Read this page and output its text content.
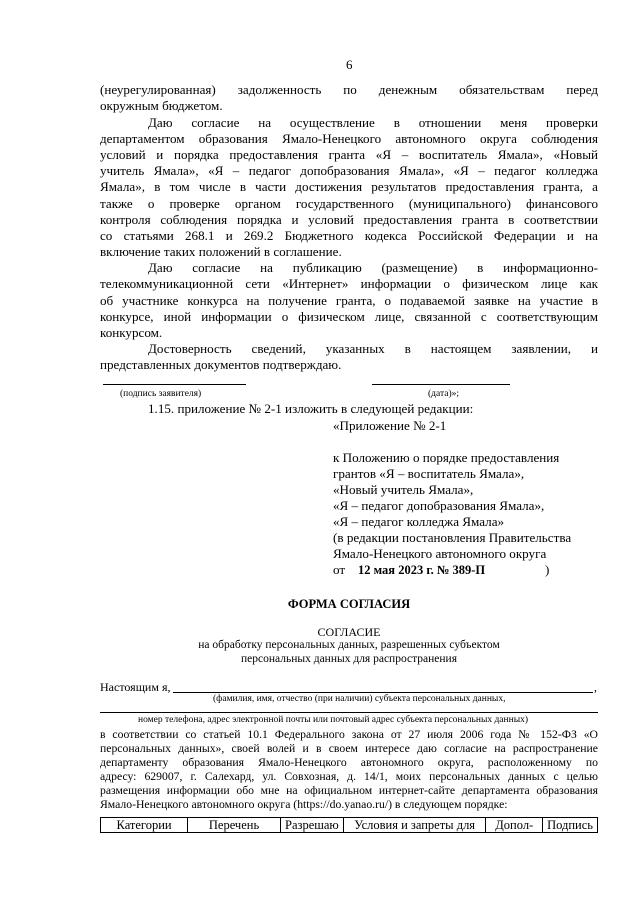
6
(неурегулированная) задолженность по денежным обязательствам перед
окружным бюджетом.
Даю согласие на осуществление в отношении меня проверки
департаментом образования Ямало-Ненецкого автономного округа соблюдения
условий и порядка предоставления гранта «Я – воспитатель Ямала», «Новый
учитель Ямала», «Я – педагог допобразования Ямала», «Я – педагог колледжа
Ямала», в том числе в части достижения результатов предоставления гранта, а
также о проверке органом государственного (муниципального) финансового
контроля соблюдения порядка и условий предоставления гранта в соответствии
со статьями 268.1 и 269.2 Бюджетного кодекса Российской Федерации и на
включение таких положений в соглашение.
Даю согласие на публикацию (размещение) в информационно-
телекоммуникационной сети «Интернет» информации о физическом лице как
об участнике конкурса на получение гранта, о подаваемой заявке на участие в
конкурсе, иной информации о физическом лице, связанной с соответствующим
конкурсом.
Достоверность сведений, указанных в настоящем заявлении, и
представленных документов подтверждаю.
(подпись заявителя)	(дата)»;
1.15. приложение № 2-1 изложить в следующей редакции:
«Приложение № 2-1
к Положению о порядке предоставления
грантов «Я – воспитатель Ямала»,
«Новый учитель Ямала»,
«Я – педагог допобразования Ямала»,
«Я – педагог колледжа Ямала»
(в редакции постановления Правительства
Ямало-Ненецкого автономного округа
от 12 мая 2023 г. № 389-П	)
ФОРМА СОГЛАСИЯ
СОГЛАСИЕ
на обработку персональных данных, разрешенных субъектом
персональных данных для распространения
Настоящим я,	,
(фамилия, имя, отчество (при наличии) субъекта персональных данных,
номер телефона, адрес электронной почты или почтовый адрес субъекта персональных данных)
в соответствии со статьей 10.1 Федерального закона от 27 июля 2006 года № 152-ФЗ «О
персональных данных», своей волей и в своем интересе даю согласие на распространение
департаменту образования Ямало-Ненецкого автономного округа, расположенному по
адресу: 629007, г. Салехард, ул. Совхозная, д. 14/1, моих персональных данных с целью
размещения информации обо мне на официальном интернет-сайте департамента образования
Ямало-Ненецкого автономного округа (https://do.yanao.ru/) в следующем порядке:
Категории	Перечень	Разрешаю	Условия и запреты для	Допол-	Подпись
